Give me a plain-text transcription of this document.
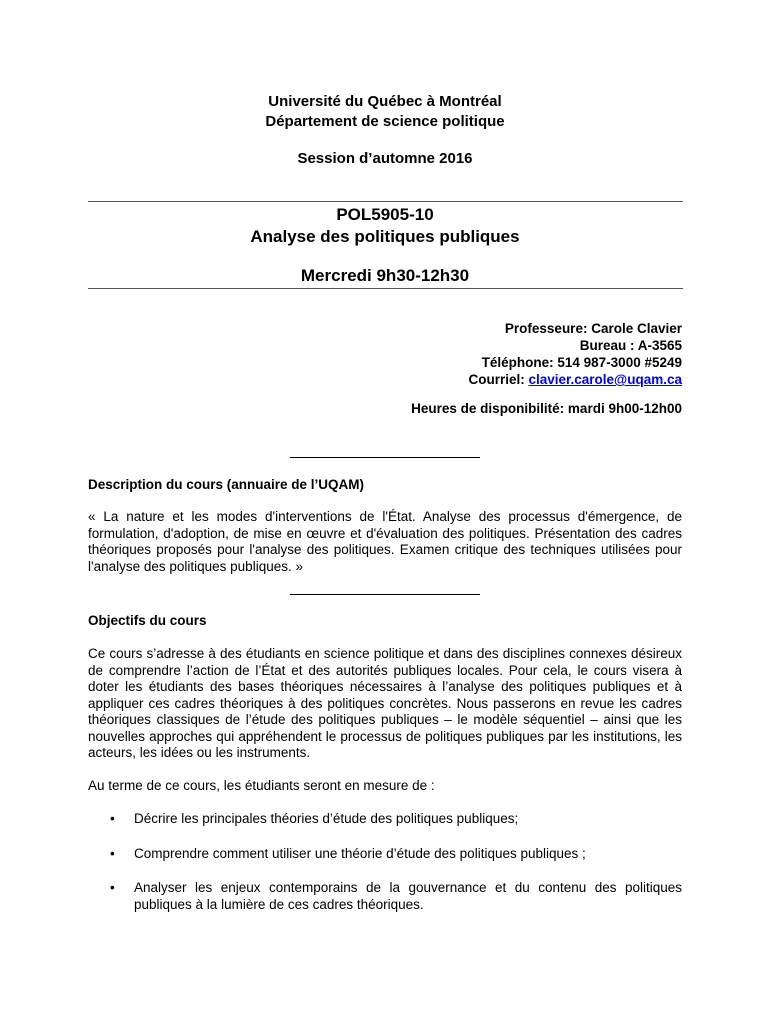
Université du Québec à Montréal
Département de science politique
Session d’automne 2016
POL5905-10
Analyse des politiques publiques
Mercredi 9h30-12h30
Professeure: Carole Clavier
Bureau : A-3565
Téléphone: 514 987-3000 #5249
Courriel: clavier.carole@uqam.ca
Heures de disponibilité: mardi 9h00-12h00
Description du cours (annuaire de l’UQAM)
« La nature et les modes d'interventions de l'État. Analyse des processus d'émergence, de formulation, d'adoption, de mise en œuvre et d'évaluation des politiques. Présentation des cadres théoriques proposés pour l'analyse des politiques. Examen critique des techniques utilisées pour l'analyse des politiques publiques. »
Objectifs du cours
Ce cours s’adresse à des étudiants en science politique et dans des disciplines connexes désireux de comprendre l’action de l’État et des autorités publiques locales. Pour cela, le cours visera à doter les étudiants des bases théoriques nécessaires à l’analyse des politiques publiques et à appliquer ces cadres théoriques à des politiques concrètes. Nous passerons en revue les cadres théoriques classiques de l’étude des politiques publiques – le modèle séquentiel – ainsi que les nouvelles approches qui appréhendent le processus de politiques publiques par les institutions, les acteurs, les idées ou les instruments.
Au terme de ce cours, les étudiants seront en mesure de :
• Décrire les principales théories d’étude des politiques publiques;
• Comprendre comment utiliser une théorie d’étude des politiques publiques ;
• Analyser les enjeux contemporains de la gouvernance et du contenu des politiques publiques à la lumière de ces cadres théoriques.
